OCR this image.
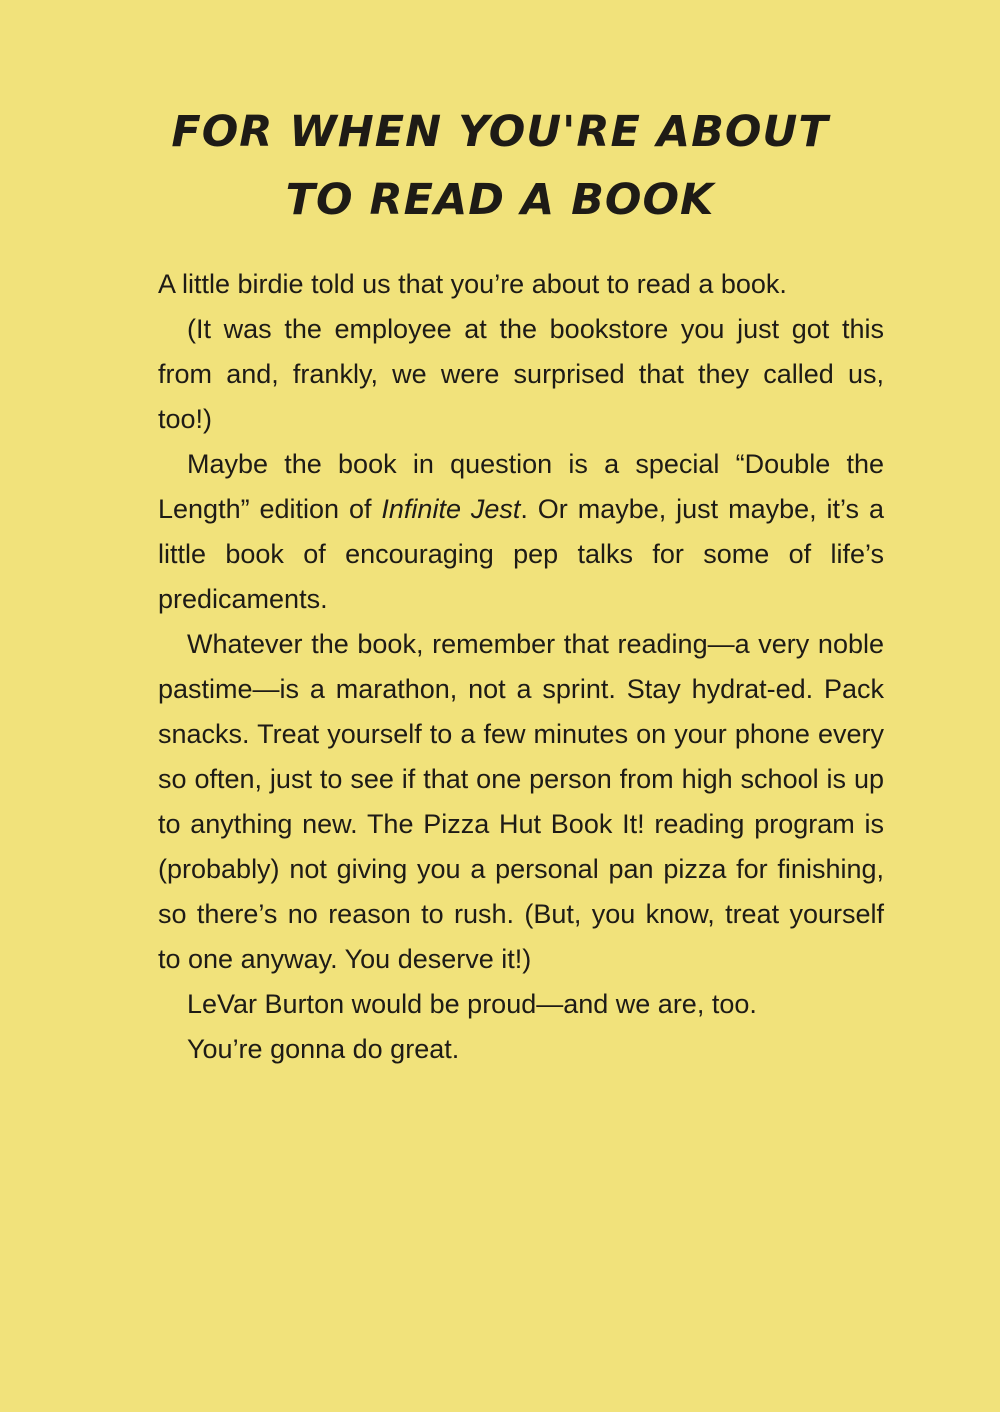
FOR WHEN YOU'RE ABOUT
TO READ A BOOK

A little birdie told us that you’re about to read a book.

(It was the employee at the bookstore you just got this from and, frankly, we were surprised that they called us, too!)

Maybe the book in question is a special “Double the Length” edition of Infinite Jest. Or maybe, just maybe, it’s a little book of encouraging pep talks for some of life’s predicaments.

Whatever the book, remember that reading—a very noble pastime—is a marathon, not a sprint. Stay hydrat-ed. Pack snacks. Treat yourself to a few minutes on your phone every so often, just to see if that one person from high school is up to anything new. The Pizza Hut Book It! reading program is (probably) not giving you a personal pan pizza for finishing, so there’s no reason to rush. (But, you know, treat yourself to one anyway. You deserve it!)

LeVar Burton would be proud—and we are, too.

You’re gonna do great.
